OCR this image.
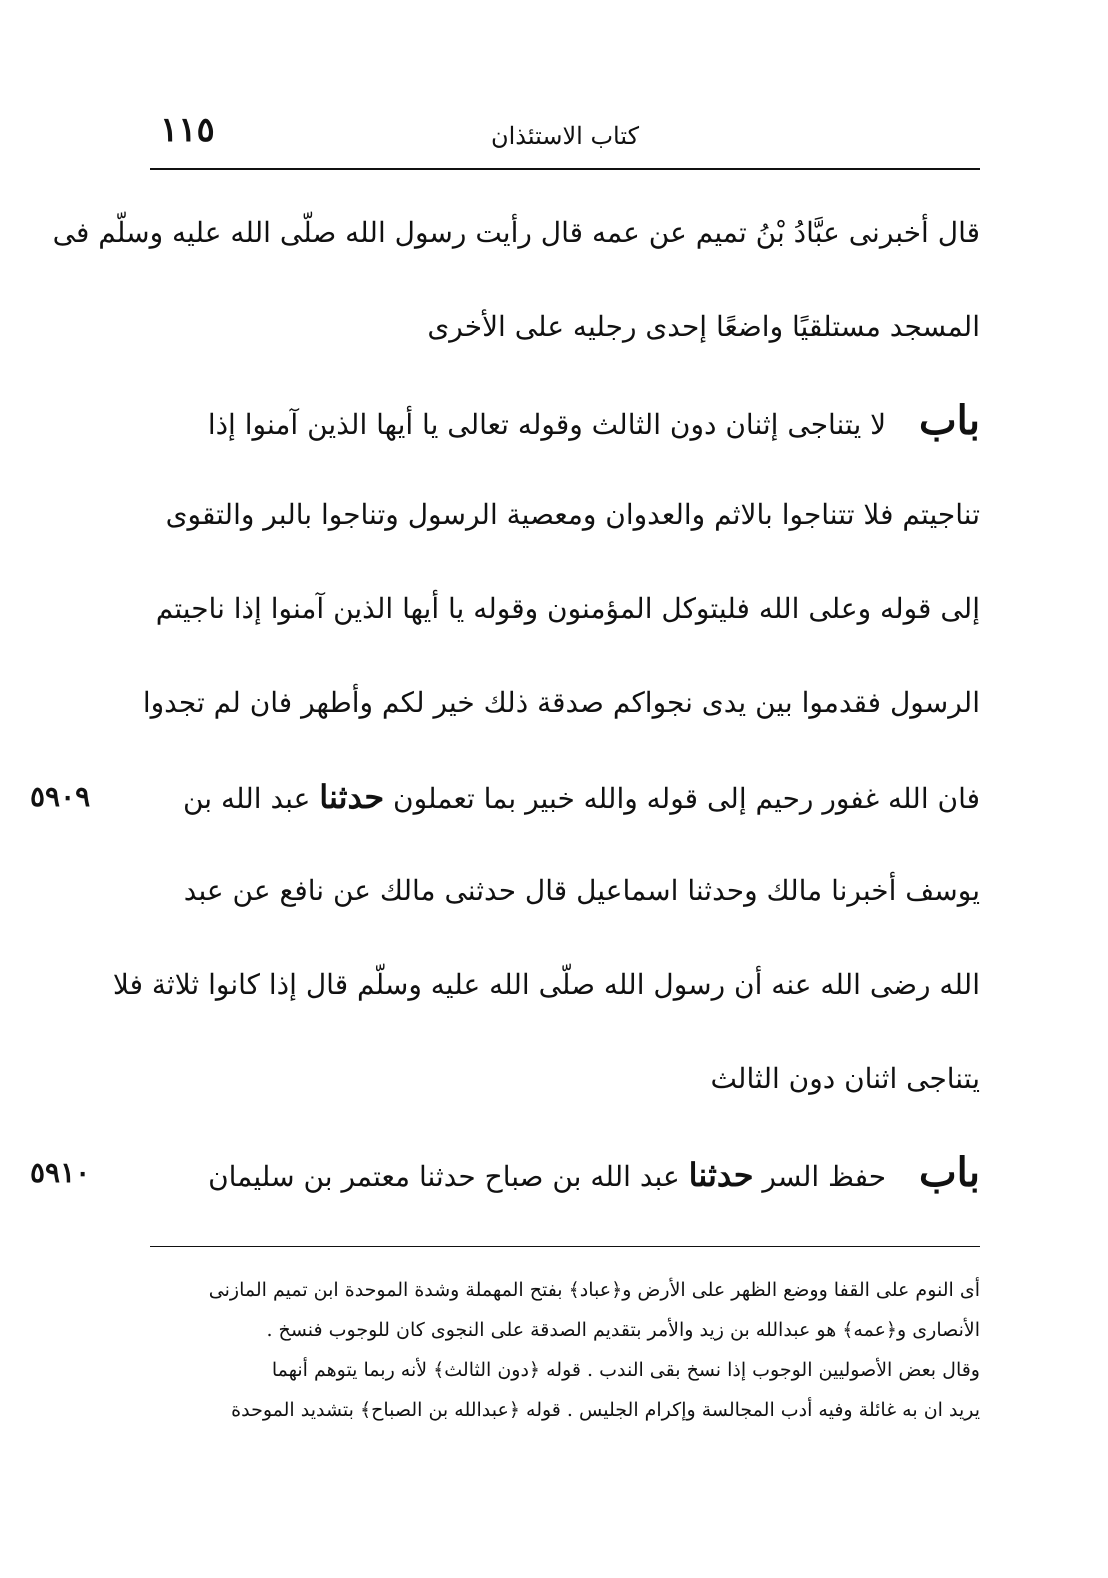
١١٥	كتاب الاستئذان
قال أخبرنى عبَّادُ بْنُ تميم عن عمه قال رأيت رسول الله صلّى الله عليه وسلّم فى
المسجد مستلقيًا واضعًا إحدى رجليه على الأخرى
باب لا يتناجى إثنان دون الثالث وقوله تعالى يا أيها الذين آمنوا إذا
تناجيتم فلا تتناجوا بالاثم والعدوان ومعصية الرسول وتناجوا بالبر والتقوى
إلى قوله وعلى الله فليتوكل المؤمنون وقوله يا أيها الذين آمنوا إذا ناجيتم
الرسول فقدموا بين يدى نجواكم صدقة ذلك خير لكم وأطهر فان لم تجدوا
فان الله غفور رحيم إلى قوله والله خبير بما تعملون حدثنا عبد الله بن
يوسف أخبرنا مالك وحدثنا اسماعيل قال حدثنى مالك عن نافع عن عبد
الله رضى الله عنه أن رسول الله صلّى الله عليه وسلّم قال إذا كانوا ثلاثة فلا
يتناجى اثنان دون الثالث
باب حفظ السر حدثنا عبد الله بن صباح حدثنا معتمر بن سليمان
٥٩٠٩
٥٩١٠
أى النوم على القفا ووضع الظهر على الأرض و﴿عباد﴾ بفتح المهملة وشدة الموحدة ابن تميم المازنى
الأنصارى و﴿عمه﴾ هو عبدالله بن زيد والأمر بتقديم الصدقة على النجوى كان للوجوب فنسخ .
وقال بعض الأصوليين الوجوب إذا نسخ بقى الندب . قوله ﴿دون الثالث﴾ لأنه ربما يتوهم أنهما
يريد ان به غائلة وفيه أدب المجالسة وإكرام الجليس . قوله ﴿عبدالله بن الصباح﴾ بتشديد الموحدة
